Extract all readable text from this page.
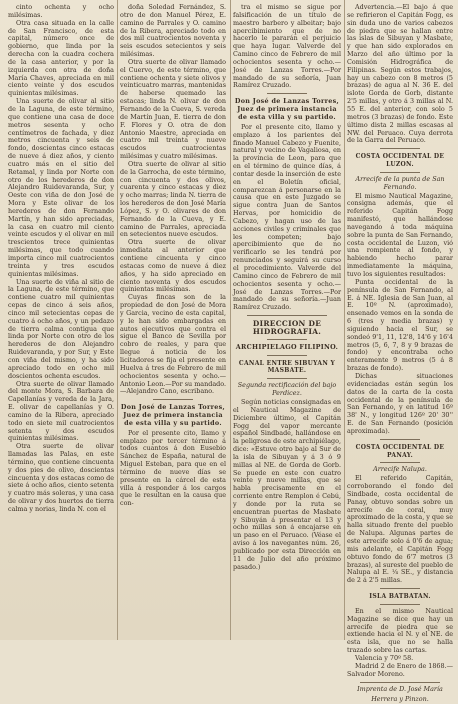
cinto ochenta y ocho milésimas.

Otra casa situada en la calle de San Francisco, de esta capital, número once de gobierno, que linda por la derecha con la cuadra cochera de la casa anterior, y por la izquierda con otra de doña María Chaves, apreciada en mil ciento veinte y dos escudos quinientas milésimas.

Una suerte de olivar al sitio de la Laguna, de este término, que contiene una casa de doce metros sesenta y ocho centímetros de fachada, y diez metros cincuenta y seis de fondo, doscientas cinco estacas de nueve á diez años, y ciento cuatro más en el sitio del Retamal, y linda por Norte con otro de los herederos de don Alejandro Ruidevaranda, Sur, y Oeste con viña de don José de Mora y Este olivar de los herederos de don Fernando Martín, y han sido apreciadas, la casa en cuatro mil ciento veinte escudos y el olivar en mil trescientos trece quinientas milésimas, que todo cuando importa cinco mil cuatrocientos treinta y tres escudos quinientas milésimas.

Una suerte de viña al sitio de la Laguna, de este término, que contiene cuatro mil quinientas cepas de cinco á seis años, cinco mil setecientas cepas de cuatro á ocho años, y un pedazo de tierra calma contigua que linda por Norte con otro de los herederos de don Alejandro Ruidevaranda, y por Sur, y Este con viña del mismo, y ha sido apreciado todo en ocho mil doscientos ochenta escudos.

Otra suerte de olivar llamado del monte Mora, S. Barbara de Capellanías y vereda de la Jara, E. olivar de capellanías y O. camino de la Ribera, apreciado todo en siete mil cuatrocientos setenta y dos escudos quinientas milésimas.

Otra suerte de olivar llamadas las Palas, en este término, que contiene cincuenta y dos pies de olivo, doscientas cincuenta y dos estacas como de siete á ocho años, ciento setenta y cuatro más soleras, y una casa de olivar y dos huertos de tierra calma y norias, linda N. con el

doña Soledad Fernández, S. otro de don Manuel Pérez, E. camino de Parrales y O. camino de la Ribera, apreciado todo en dos mil cuatrocientos noventa y seis escudos setecientos y seis milésimas.

Otra suerte de olivar llamado el Cuervo, de este término, que contiene ochenta y siete olivos y veinticuatro marras, mantenidas de haberse quemado las estacas; linda N. olivar de don Fernando de la Cueva, S. vereda de Martín Juan, E. tierra de don F. Flores y O. otra de don Antonio Maestre, apreciada en cuatro mil treinta y nueve escudos cuatrocientas milésimas y cuatro milésimas.

Otra suerte de olivar al sitio de la Garrocha, de este término, con cincuenta y dos olivos, cuarenta y cinco estacas y diez y ocho marras; linda N. tierra de los herederos de don José María López, S. y O. olivares de don Fernando de la Cueva, y E. camino de Parrales, apreciada en setecientos nueve escudos.

Otra suerte de olivar inmediata al anterior que contiene cincuenta y cinco estacas como de nueve á diez años, y ha sido apreciado en ciento noventa y dos escudos quinientas milésimas.

Cuyas fincas son de la propiedad de don José de Mora y Garcia, vecino de esta capital, y le han sido embargadas en autos ejecutivos que contra el sigue el Banco de Sevilla por cobro de reales, y para que llegue á noticia de los licitadores se fija el presente en Huelva á tres de Febrero de mil ochocientos sesenta y ocho.—Antonio Leon.—Por su mandado.—Alejandro Cano, escribano.

Don José de Lanzas Torres, Juez de primera instancia de esta villa y su partido.

Por el presente cito, llamo y emplazo por tercer término á todos cuantos á don Eusebio Sánchez de España, natural de Miguel Esteban, para que en el término de nueve días se presente en la cárcel de esta villa á responder á los cargos que le resultan en la causa que con-

tra el mismo se sigue por falsificación de un título de maestro barbero y albeitar; bajo apercibimiento que de no hacerlo le pararán el perjuicio que haya lugar. Valverde del Camino cinco de Febrero de mil ochocientos sesenta y ocho.—José de Lanzas Torres.—Por mandado de su señoría, Juan Ramírez Cruzado.

Don José de Lanzas Torres, Juez de primera instancia de esta villa y su partido.

Por el presente cito, llamo y emplazo á los parientes del finado Manuel Cabezo y Fuenite, natural y vecino de Vagaliosa, en la provincia de Leon, para que en el término de quince días, á contar desde la inserción de este en el Boletín oficial, comparezcan á personarse en la causa que en este Juzgado se sigue contra Juan de Santos Hervas, por homicidio de Cabezo, y hagan uso de las acciones civiles y criminales que les competen; bajo apercibimiento que de no verificarlo se les tendrá por renunciados y seguirá su curso el procedimiento. Valverde del Camino cinco de Febrero de mil ochocientos sesenta y ocho.—José de Lanzas Torres.—Por mandado de su señoría.—Juan Ramírez Cruzado.

DIRECCION DE HIDROGRAFIA.

ARCHIPIELAGO FILIPINO.

CANAL ENTRE SIBUYAN Y MASBATE.

Segunda rectificación del bajo Perdicez.

Según noticias consignadas en el Nautical Magazine de Diciembre último, el Capitán Fogg del vapor mercante español Sindbade, hallándose en la peligrosa de este archipiélago, dice: «Estuve otro bajo al Sur de la isla de Sibuyan y á 3 ó 9 millas al NE. de Gorda de Gorb. Se puede en este con cuatro veinte y nueve millas, que se habla precisamente en el corriente entre Remplon é Cebú, y donde por la ruta se encuentran puertas de Masbate y Sibuyán á presentar el 13 y ocho millas son á encajarse en un paso en el Peruaco. (Véase el aviso á los navegantes núm. 26, publicado por esta Dirección en 11 de Julio del año próximo pasado.)

Advertencia.—El bajo á que se refirieron el Capitán Fogg, es sin duda uno de varios cabezos de piedra que se hallan entre las islas de Sibuyan y Masbate, y que han sido explorados en Marzo del año último por la Comisión Hidrográfica de Filipinas. Según estos trabajos, hay un cabezo con 8 metros (5 brazas) de agua al N. 36 E. del islote Gorda de Gorb, distante 2'5 millas, y otro á 3 millas al N. 55 E. del anterior, con solo 5 metros (3 brazas) de fondo. Este último dista 2 millas escasas al NW. del Peruaco. Cuya derrota de la Garra del Peruaco.

COSTA OCCIDENTAL DE LUZON.

Arrecife de la punta de San Fernando.

El mismo Nautical Magazine, consigna además, que el referido Capitán Fogg manifestó, que hallándose navegando á toda máquina sobre la punta de San Fernando, costa occidental de Luzon, vió una rompiente al fondo, y habiendo hecho parar inmediatamente la máquina, tuvo los siguientes resultados:

Punta occidental de la península de San Fernando, al E. á NE. Iglesia de San Juan, al E. 10º N. (aproximado), ensenado vemos en la sonda de 6 (tres y media brazas) y siguiendo hacia el Sur, se sondeó 9'1, 11, 12'8, 14'6 y 16'4 metros (5, 6, 7, 8 y 9 brazas de fondo) y encontraba ocho enteramente 9 metros (5 á 8 brazas de fondo).

Dichas situaciones evidenciadas están según los datos de la carta de la costa occidental de la península de San Fernando, y en latitud 16º 38' N., y longitud 126º 20' 30'' E. de San Fernando (posición aproximada).

COSTA OCCIDENTAL DE PANAY.

Arrecife Nalupa.

El referido Capitán, corroborando el fondo del Sindbade, costa occidental de Panay, obtuvo sondas sobre un arrecife de coral, muy aproximado de la costa, y que se halla situado frente del pueblo de Nalupa. Algunas partes de este arrecife solo á 0'6 de agua; mis adelante, el Capitán Fogg obtuvo fondo de 6'7 metros (3 brazas), al sureste del pueblo de Nalupa al E. ¼ SE., y distancia de 2 á 2'5 millas.

ISLA BATBATAN.

En el mismo Nautical Magazine se dice que hay un arrecife de piedra que se extiende hacia el N. y el NE. de esta isla, que no se halla trazado sobre las cartas.

Valencia y 70º 58.

Madrid 2 de Enero de 1868.—Salvador Moreno.

Imprenta de D. José María

Herrera y Pinzon.
